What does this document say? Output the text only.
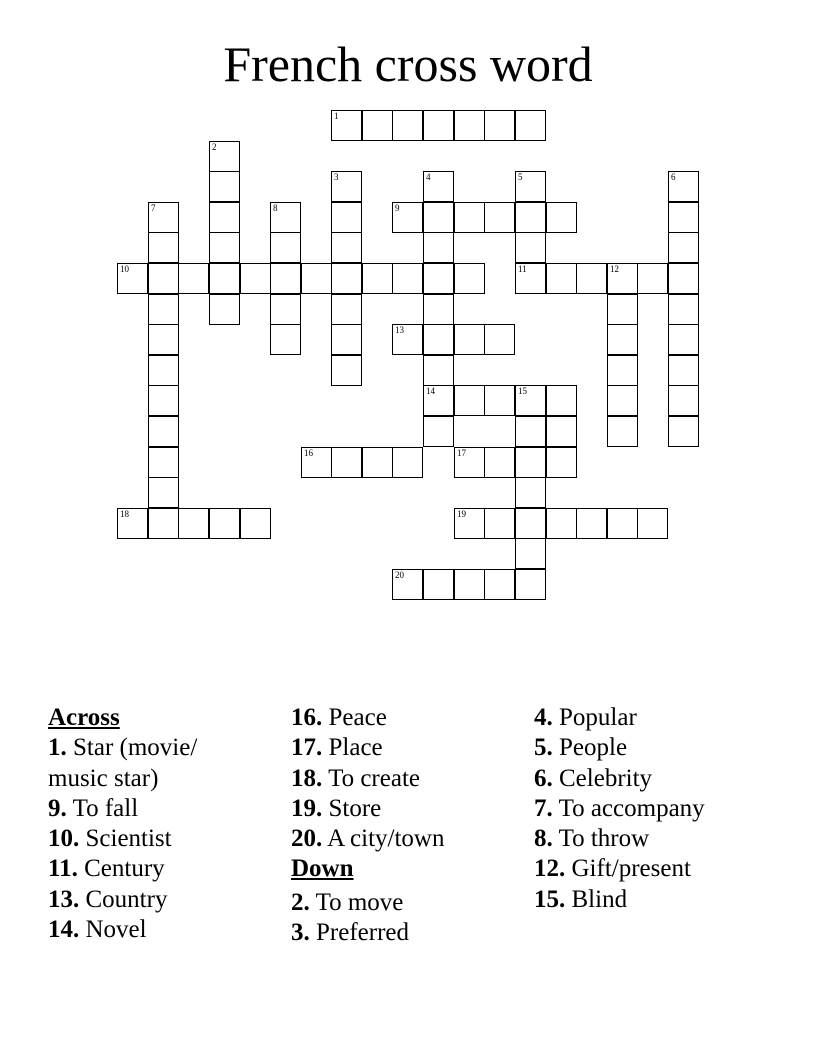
French cross word
1
2
3	4	5	6
7	8	9
10	11	12
13
14	15
16	17
18	19
20

Across

1. Star (movie/ music star)

9. To fall

10. Scientist

11. Century

13. Country

14. Novel

16. Peace

17. Place

18. To create

19. Store

20. A city/town

Down

2. To move

3. Preferred

4. Popular

5. People

6. Celebrity

7. To accompany

8. To throw

12. Gift/present

15. Blind
